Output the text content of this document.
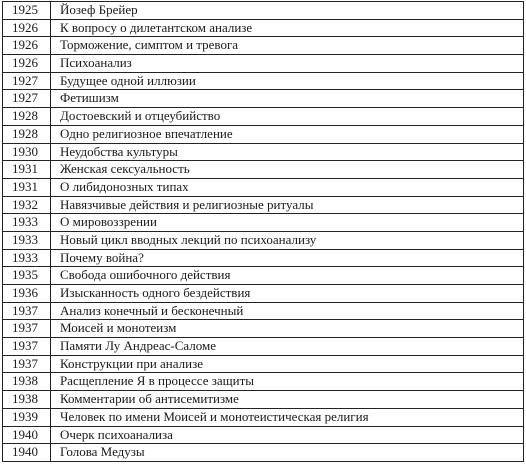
1925	Йозеф Брейер
1926	К вопросу о дилетантском анализе
1926	Торможение, симптом и тревога
1926	Психоанализ
1927	Будущее одной иллюзии
1927	Фетишизм
1928	Достоевский и отцеубийство
1928	Одно религиозное впечатление
1930	Неудобства культуры
1931	Женская сексуальность
1931	О либидонозных типах
1932	Навязчивые действия и религиозные ритуалы
1933	О мировоззрении
1933	Новый цикл вводных лекций по психоанализу
1933	Почему война?
1935	Свобода ошибочного действия
1936	Изысканность одного бездействия
1937	Анализ конечный и бесконечный
1937	Моисей и монотеизм
1937	Памяти Лу Андреас-Саломе
1937	Конструкции при анализе
1938	Расщепление Я в процессе защиты
1938	Комментарии об антисемитизме
1939	Человек по имени Моисей и монотеистическая религия
1940	Очерк психоанализа
1940	Голова Медузы
